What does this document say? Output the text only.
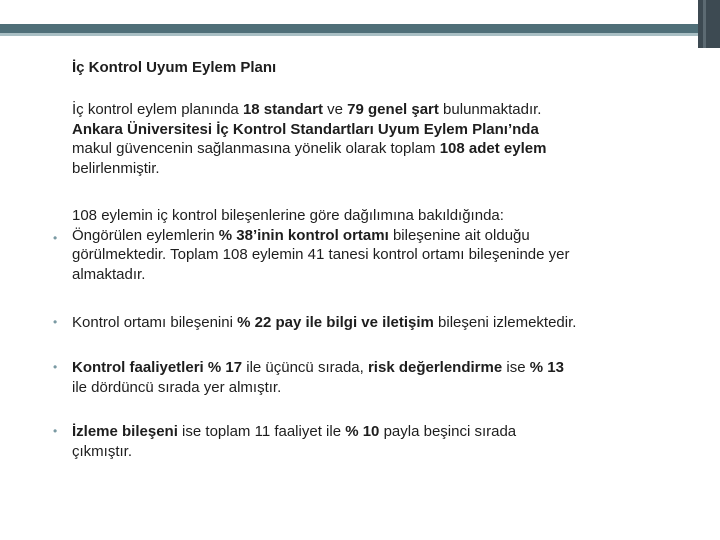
İç Kontrol Uyum Eylem Planı
İç kontrol eylem planında 18 standart ve 79 genel şart bulunmaktadır.
Ankara Üniversitesi İç Kontrol Standartları Uyum Eylem Planı’nda
makul güvencenin sağlanmasına yönelik olarak toplam 108 adet eylem
belirlenmiştir.
•
108 eylemin iç kontrol bileşenlerine göre dağılımına bakıldığında:
Öngörülen eylemlerin % 38’inin kontrol ortamı bileşenine ait olduğu
görülmektedir. Toplam 108 eylemin 41 tanesi kontrol ortamı bileşeninde yer
almaktadır.
• Kontrol ortamı bileşenini % 22 pay ile bilgi ve iletişim bileşeni izlemektedir.
• Kontrol faaliyetleri % 17 ile üçüncü sırada, risk değerlendirme ise % 13
ile dördüncü sırada yer almıştır.
• İzleme bileşeni ise toplam 11 faaliyet ile % 10 payla beşinci sırada
çıkmıştır.
